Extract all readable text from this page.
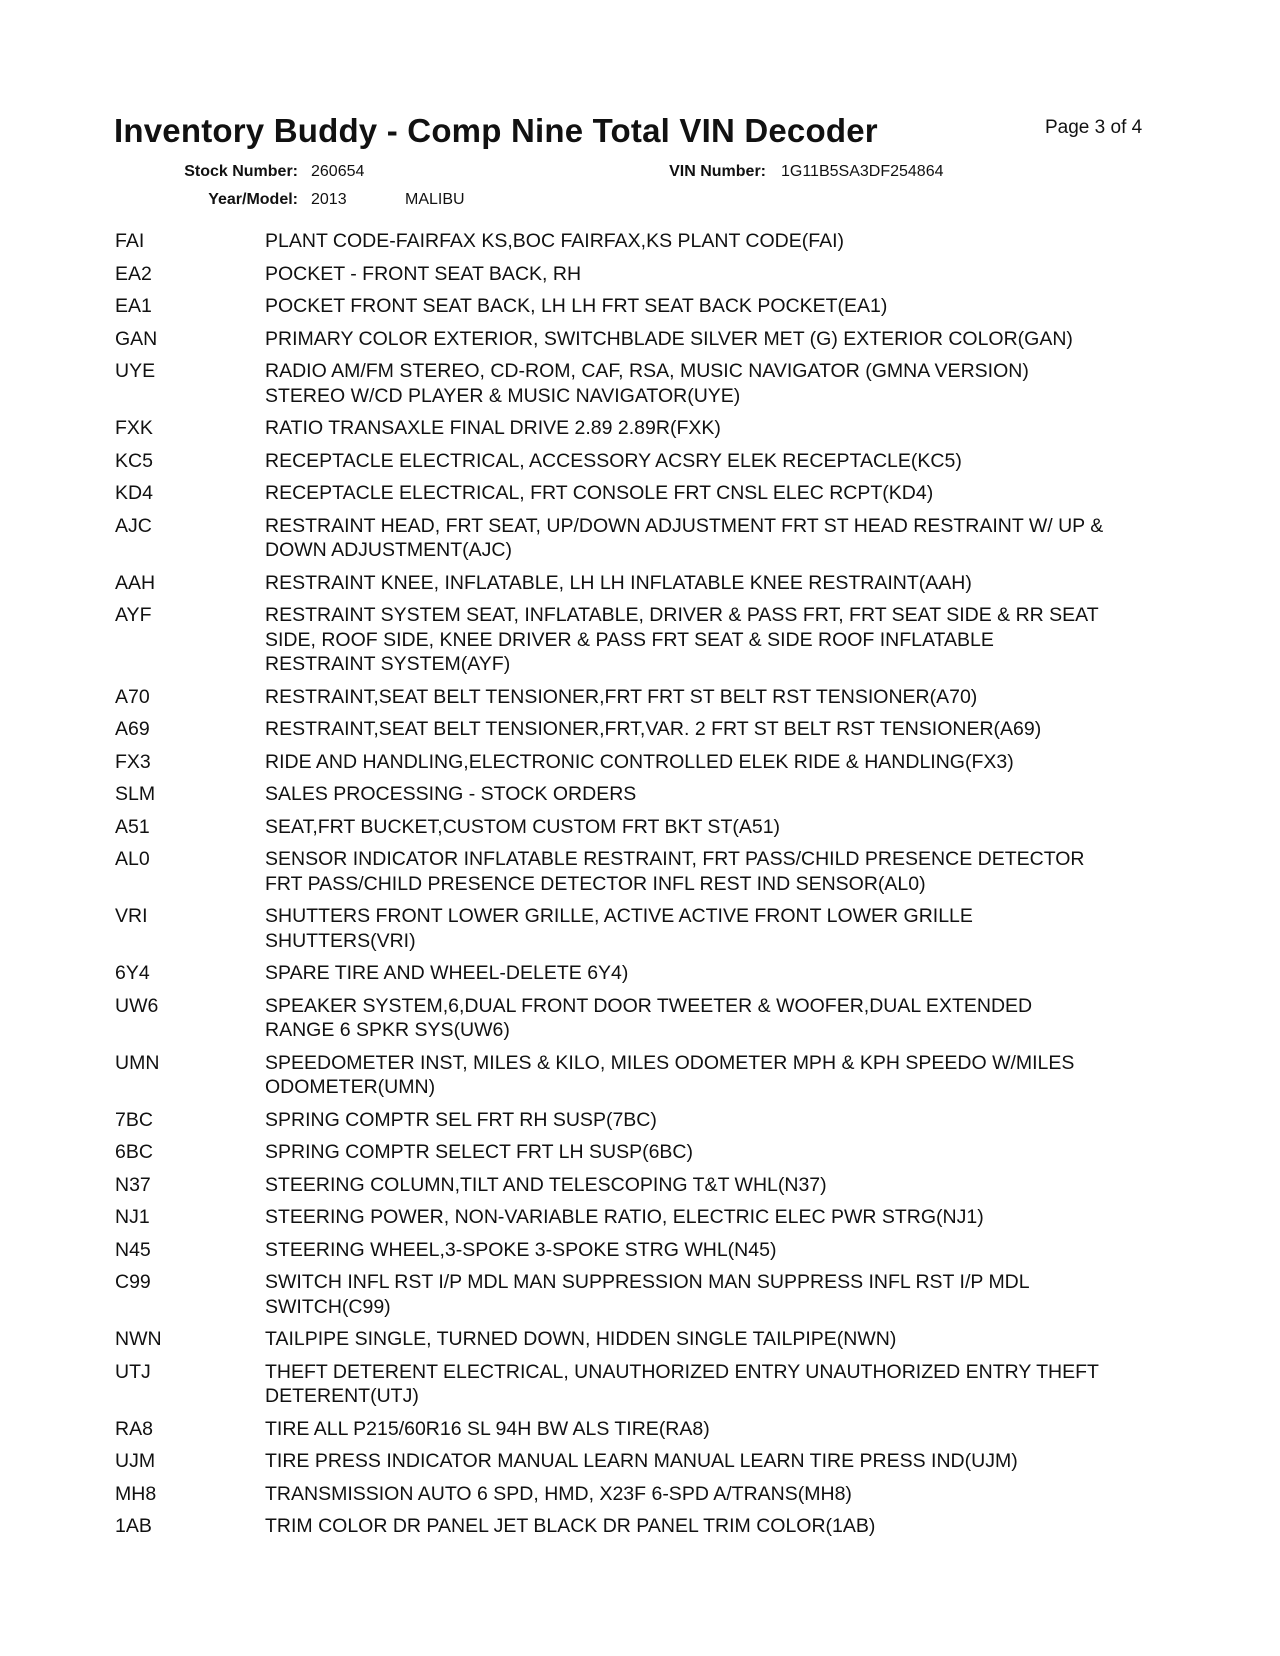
Inventory Buddy - Comp Nine Total VIN Decoder	Page 3 of 4
Stock Number: 260654
Year/Model: 2013	MALIBU
VIN Number: 1G11B5SA3DF254864
FAI	PLANT CODE-FAIRFAX KS,BOC FAIRFAX,KS PLANT CODE(FAI)
EA2	POCKET - FRONT SEAT BACK, RH
EA1	POCKET FRONT SEAT BACK, LH LH FRT SEAT BACK POCKET(EA1)
GAN	PRIMARY COLOR EXTERIOR, SWITCHBLADE SILVER MET (G) EXTERIOR COLOR(GAN)
UYE	RADIO AM/FM STEREO, CD-ROM, CAF, RSA, MUSIC NAVIGATOR (GMNA VERSION)
STEREO W/CD PLAYER & MUSIC NAVIGATOR(UYE)
FXK	RATIO TRANSAXLE FINAL DRIVE 2.89 2.89R(FXK)
KC5	RECEPTACLE ELECTRICAL, ACCESSORY ACSRY ELEK RECEPTACLE(KC5)
KD4	RECEPTACLE ELECTRICAL, FRT CONSOLE FRT CNSL ELEC RCPT(KD4)
AJC	RESTRAINT HEAD, FRT SEAT, UP/DOWN ADJUSTMENT FRT ST HEAD RESTRAINT W/ UP &
DOWN ADJUSTMENT(AJC)
AAH	RESTRAINT KNEE, INFLATABLE, LH LH INFLATABLE KNEE RESTRAINT(AAH)
AYF	RESTRAINT SYSTEM SEAT, INFLATABLE, DRIVER & PASS FRT, FRT SEAT SIDE & RR SEAT
SIDE, ROOF SIDE, KNEE DRIVER & PASS FRT SEAT & SIDE ROOF INFLATABLE
RESTRAINT SYSTEM(AYF)
A70	RESTRAINT,SEAT BELT TENSIONER,FRT FRT ST BELT RST TENSIONER(A70)
A69	RESTRAINT,SEAT BELT TENSIONER,FRT,VAR. 2 FRT ST BELT RST TENSIONER(A69)
FX3	RIDE AND HANDLING,ELECTRONIC CONTROLLED ELEK RIDE & HANDLING(FX3)
SLM	SALES PROCESSING - STOCK ORDERS
A51	SEAT,FRT BUCKET,CUSTOM CUSTOM FRT BKT ST(A51)
AL0	SENSOR INDICATOR INFLATABLE RESTRAINT, FRT PASS/CHILD PRESENCE DETECTOR
FRT PASS/CHILD PRESENCE DETECTOR INFL REST IND SENSOR(AL0)
VRI	SHUTTERS FRONT LOWER GRILLE, ACTIVE ACTIVE FRONT LOWER GRILLE
SHUTTERS(VRI)
6Y4	SPARE TIRE AND WHEEL-DELETE 6Y4)
UW6	SPEAKER SYSTEM,6,DUAL FRONT DOOR TWEETER & WOOFER,DUAL EXTENDED
RANGE 6 SPKR SYS(UW6)
UMN	SPEEDOMETER INST, MILES & KILO, MILES ODOMETER MPH & KPH SPEEDO W/MILES
ODOMETER(UMN)
7BC	SPRING COMPTR SEL FRT RH SUSP(7BC)
6BC	SPRING COMPTR SELECT FRT LH SUSP(6BC)
N37	STEERING COLUMN,TILT AND TELESCOPING T&T WHL(N37)
NJ1	STEERING POWER, NON-VARIABLE RATIO, ELECTRIC ELEC PWR STRG(NJ1)
N45	STEERING WHEEL,3-SPOKE 3-SPOKE STRG WHL(N45)
C99	SWITCH INFL RST I/P MDL MAN SUPPRESSION MAN SUPPRESS INFL RST I/P MDL
SWITCH(C99)
NWN	TAILPIPE SINGLE, TURNED DOWN, HIDDEN SINGLE TAILPIPE(NWN)
UTJ	THEFT DETERENT ELECTRICAL, UNAUTHORIZED ENTRY UNAUTHORIZED ENTRY THEFT
DETERENT(UTJ)
RA8	TIRE ALL P215/60R16 SL 94H BW ALS TIRE(RA8)
UJM	TIRE PRESS INDICATOR MANUAL LEARN MANUAL LEARN TIRE PRESS IND(UJM)
MH8	TRANSMISSION AUTO 6 SPD, HMD, X23F 6-SPD A/TRANS(MH8)
1AB	TRIM COLOR DR PANEL JET BLACK DR PANEL TRIM COLOR(1AB)
